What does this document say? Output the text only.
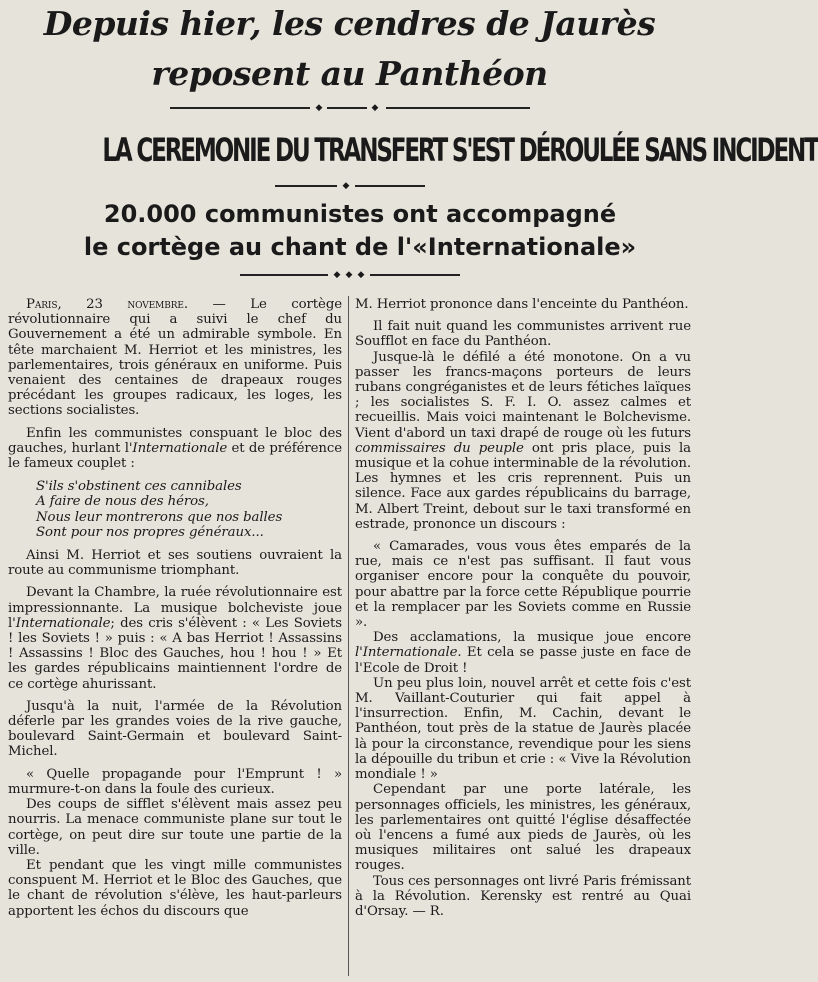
Depuis hier, les cendres de Jaurès
reposent au Panthéon
◆	◆
LA CEREMONIE DU TRANSFERT S'EST DÉROULÉE SANS INCIDENT
◆
20.000 communistes ont accompagné
le cortège au chant de l'«Internationale»
◆ ◆ ◆

Paris, 23 novembre. — Le cortège révolutionnaire qui a suivi le chef du Gouvernement a été un admirable symbole. En tête marchaient M. Herriot et les ministres, les parlementaires, trois généraux en uniforme. Puis venaient des centaines de drapeaux rouges précédant les groupes radicaux, les loges, les sections socialistes.

Enfin les communistes conspuant le bloc des gauches, hurlant l'Internationale et de préférence le fameux couplet :

S'ils s'obstinent ces cannibales
A faire de nous des héros,
Nous leur montrerons que nos balles
Sont pour nos propres généraux...

Ainsi M. Herriot et ses soutiens ouvraient la route au communisme triomphant.

Devant la Chambre, la ruée révolutionnaire est impressionnante. La musique bolcheviste joue l'Internationale; des cris s'élèvent : « Les Soviets ! les Soviets ! » puis : « A bas Herriot ! Assassins ! Assassins ! Bloc des Gauches, hou ! hou ! » Et les gardes républicains maintiennent l'ordre de ce cortège ahurissant.

Jusqu'à la nuit, l'armée de la Révolution déferle par les grandes voies de la rive gauche, boulevard Saint-Germain et boulevard Saint-Michel.

« Quelle propagande pour l'Emprunt ! » murmure-t-on dans la foule des curieux.

Des coups de sifflet s'élèvent mais assez peu nourris. La menace communiste plane sur tout le cortège, on peut dire sur toute une partie de la ville.

Et pendant que les vingt mille communistes conspuent M. Herriot et le Bloc des Gauches, que le chant de révolution s'élève, les haut-parleurs apportent les échos du discours que

M. Herriot prononce dans l'enceinte du Panthéon.

Il fait nuit quand les communistes arrivent rue Soufflot en face du Panthéon.

Jusque-là le défilé a été monotone. On a vu passer les francs-maçons porteurs de leurs rubans congréganistes et de leurs fétiches laïques ; les socialistes S. F. I. O. assez calmes et recueillis. Mais voici maintenant le Bolchevisme. Vient d'abord un taxi drapé de rouge où les futurs commissaires du peuple ont pris place, puis la musique et la cohue interminable de la révolution. Les hymnes et les cris reprennent. Puis un silence. Face aux gardes républicains du barrage, M. Albert Treint, debout sur le taxi transformé en estrade, prononce un discours :

« Camarades, vous vous êtes emparés de la rue, mais ce n'est pas suffisant. Il faut vous organiser encore pour la conquête du pouvoir, pour abattre par la force cette République pourrie et la remplacer par les Soviets comme en Russie ».

Des acclamations, la musique joue encore l'Internationale. Et cela se passe juste en face de l'Ecole de Droit !

Un peu plus loin, nouvel arrêt et cette fois c'est M. Vaillant-Couturier qui fait appel à l'insurrection. Enfin, M. Cachin, devant le Panthéon, tout près de la statue de Jaurès placée là pour la circonstance, revendique pour les siens la dépouille du tribun et crie : « Vive la Révolution mondiale ! »

Cependant par une porte latérale, les personnages officiels, les ministres, les généraux, les parlementaires ont quitté l'église désaffectée où l'encens a fumé aux pieds de Jaurès, où les musiques militaires ont salué les drapeaux rouges.

Tous ces personnages ont livré Paris frémissant à la Révolution. Kerensky est rentré au Quai d'Orsay. — R.
